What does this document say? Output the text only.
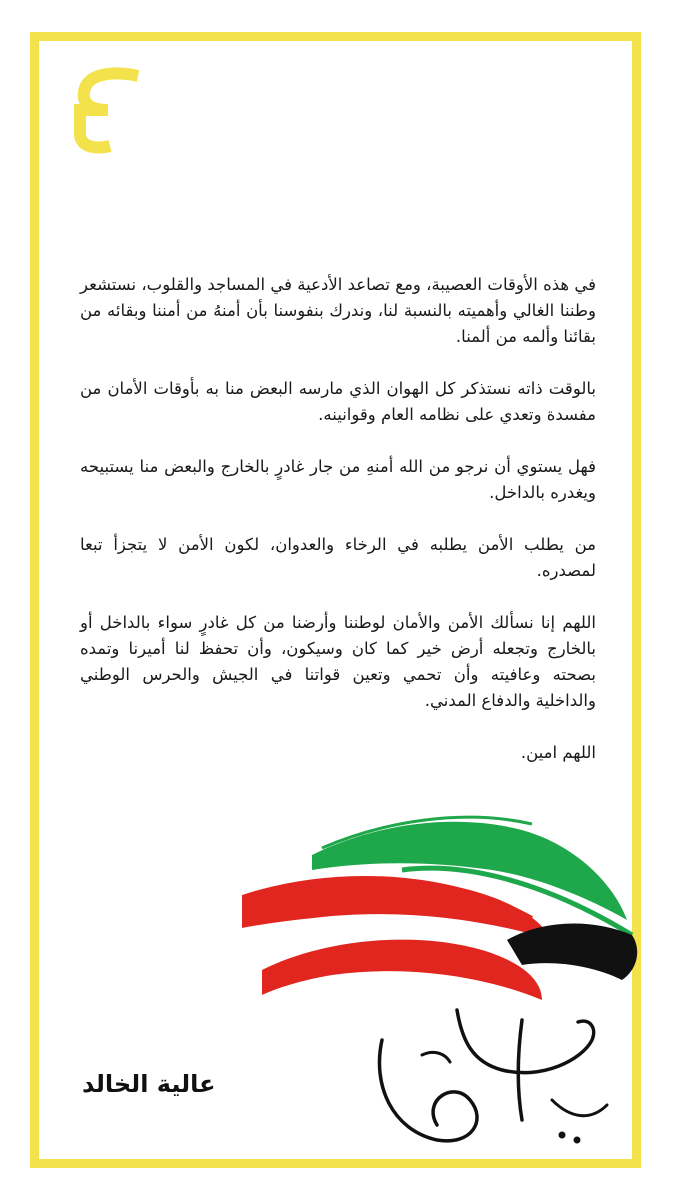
في هذه الأوقات العصيبة، ومع تصاعد الأدعية في المساجد والقلوب، نستشعر وطننا الغالي وأهميته بالنسبة لنا، وندرك بنفوسنا بأن أمنهُ من أمننا وبقائه من بقائنا وألمه من ألمنا.

بالوقت ذاته نستذكر كل الهوان الذي مارسه البعض منا به بأوقات الأمان من مفسدة وتعدي على نظامه العام وقوانينه.

فهل يستوي أن نرجو من الله أمنهِ من جار غادرٍ بالخارج والبعض منا يستبيحه ويغدره بالداخل.

من يطلب الأمن يطلبه في الرخاء والعدوان، لكون الأمن لا يتجزأ تبعا لمصدره.

اللهم إنا نسألك الأمن والأمان لوطننا وأرضنا من كل غادرٍ سواء بالداخل أو بالخارج وتجعله أرض خير كما كان وسيكون، وأن تحفظ لنا أميرنا وتمده بصحته وعافيته وأن تحمي وتعين قواتنا في الجيش والحرس الوطني والداخلية والدفاع المدني.

اللهم امين.

عالية الخالد
